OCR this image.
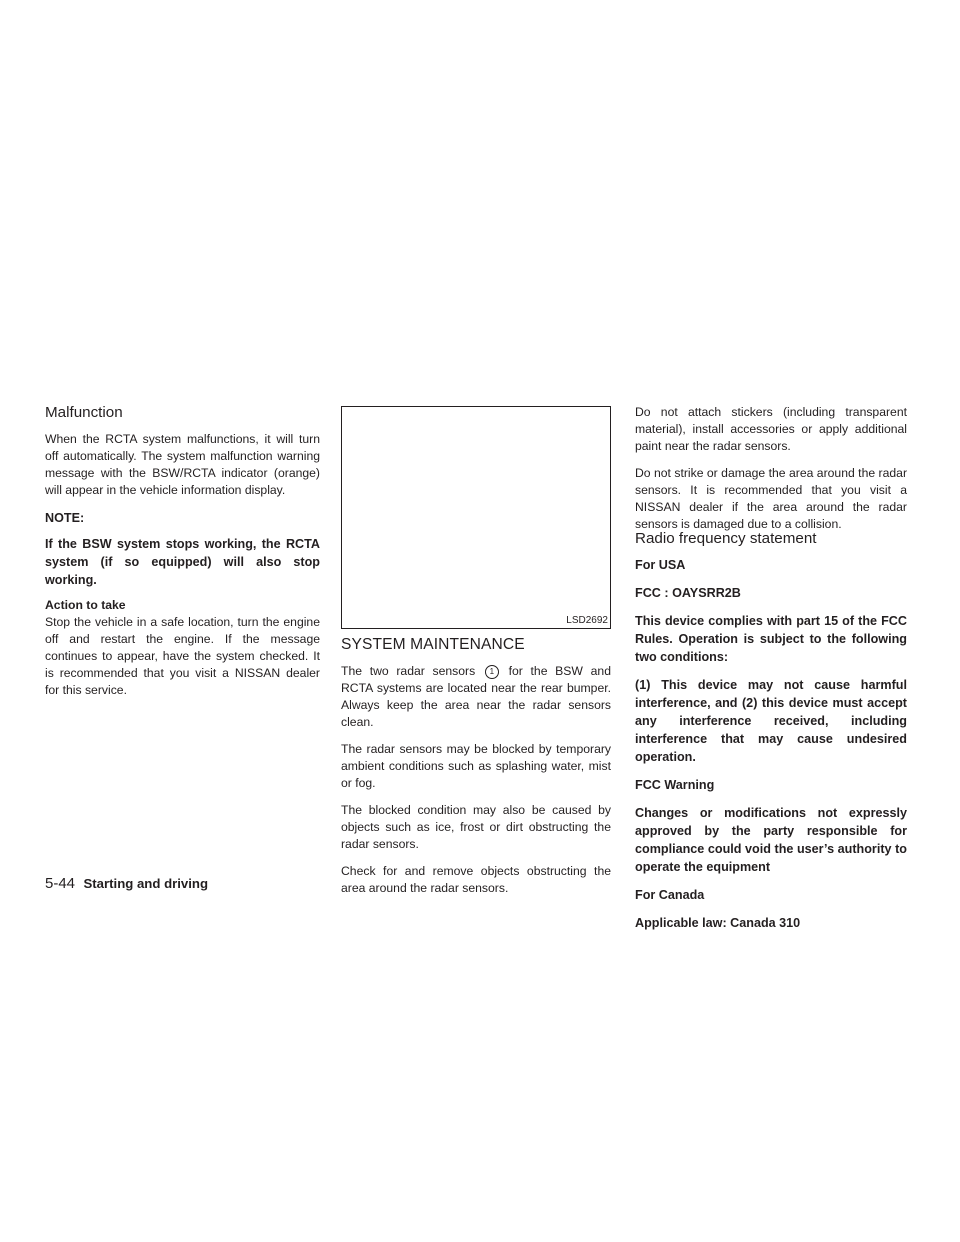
Malfunction

When the RCTA system malfunctions, it will turn off automatically. The system malfunction warning message with the BSW/RCTA indicator (orange) will appear in the vehicle information display.

NOTE:

If the BSW system stops working, the RCTA system (if so equipped) will also stop working.

Action to take

Stop the vehicle in a safe location, turn the engine off and restart the engine. If the message continues to appear, have the system checked. It is recommended that you visit a NISSAN dealer for this service.

LSD2692
SYSTEM MAINTENANCE

The two radar sensors 1 for the BSW and RCTA systems are located near the rear bumper. Always keep the area near the radar sensors clean.

The radar sensors may be blocked by temporary ambient conditions such as splashing water, mist or fog.

The blocked condition may also be caused by objects such as ice, frost or dirt obstructing the radar sensors.

Check for and remove objects obstructing the area around the radar sensors.

Do not attach stickers (including transparent material), install accessories or apply additional paint near the radar sensors.

Do not strike or damage the area around the radar sensors. It is recommended that you visit a NISSAN dealer if the area around the radar sensors is damaged due to a collision.

Radio frequency statement

For USA

FCC : OAYSRR2B

This device complies with part 15 of the FCC Rules. Operation is subject to the following two conditions:

(1) This device may not cause harmful interference, and (2) this device must accept any interference received, including interference that may cause undesired operation.

FCC Warning

Changes or modifications not expressly approved by the party responsible for compliance could void the user’s authority to operate the equipment

For Canada

Applicable law: Canada 310

5-44 Starting and driving
